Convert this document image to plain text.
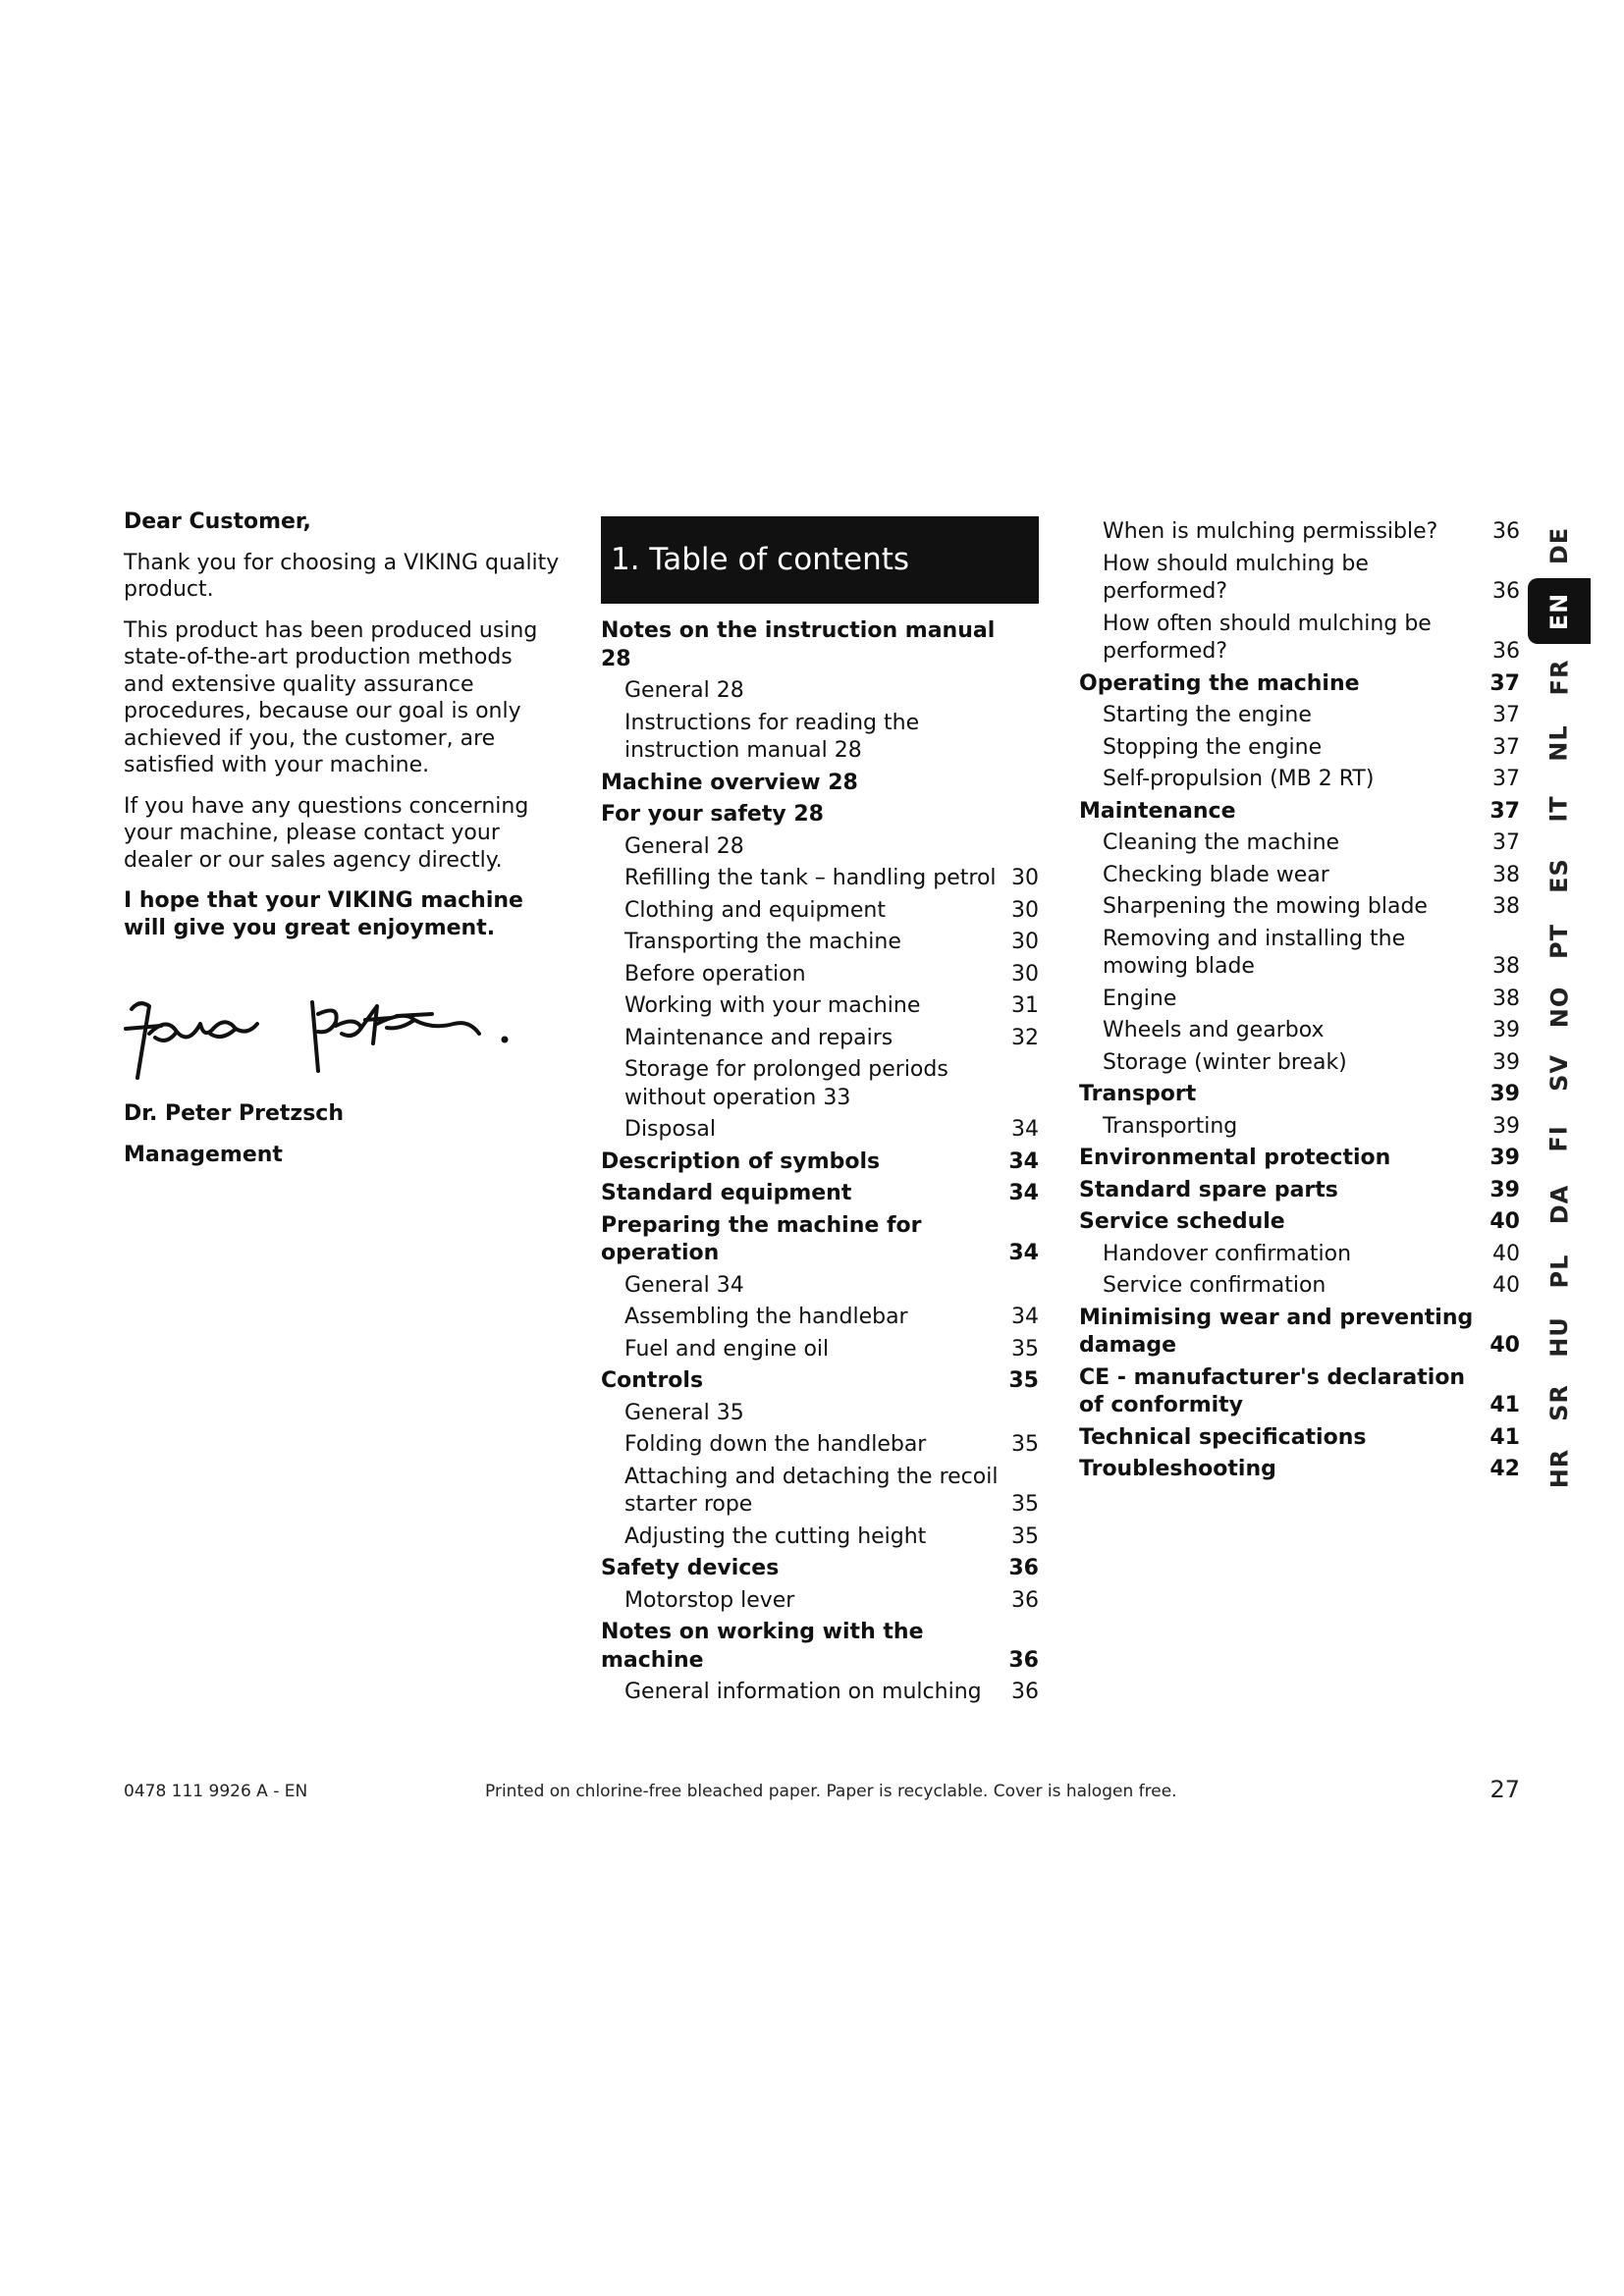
Dear Customer,

Thank you for choosing a VIKING quality product.

This product has been produced using state-of-the-art production methods and extensive quality assurance procedures, because our goal is only achieved if you, the customer, are satisfied with your machine.

If you have any questions concerning your machine, please contact your dealer or our sales agency directly.

I hope that your VIKING machine will give you great enjoyment.

Dr. Peter Pretzsch

Management

1. Table of contents
Notes on the instruction manual 28
General 28
Instructions for reading the instruction manual 28
Machine overview 28
For your safety 28
General 28
Refilling the tank – handling petrol 30
Clothing and equipment	30
Transporting the machine	30
Before operation	30
Working with your machine	31
Maintenance and repairs	32
Storage for prolonged periods without operation 33
Disposal	34
Description of symbols	34
Standard equipment	34
Preparing the machine for operation	34
General 34
Assembling the handlebar	34
Fuel and engine oil	35
Controls	35
General 35
Folding down the handlebar	35
Attaching and detaching the recoil starter rope	35
Adjusting the cutting height	35
Safety devices	36
Motorstop lever	36
Notes on working with the machine	36
General information on mulching	36
When is mulching permissible?	36
How should mulching be performed?	36
How often should mulching be performed?	36
Operating the machine	37
Starting the engine	37
Stopping the engine	37
Self-propulsion (MB 2 RT)	37
Maintenance	37
Cleaning the machine	37
Checking blade wear	38
Sharpening the mowing blade	38
Removing and installing the mowing blade	38
Engine	38
Wheels and gearbox	39
Storage (winter break)	39
Transport	39
Transporting	39
Environmental protection	39
Standard spare parts	39
Service schedule	40
Handover confirmation	40
Service confirmation	40
Minimising wear and preventing damage	40
CE - manufacturer's declaration of conformity	41
Technical specifications	41
Troubleshooting	42
DE
EN
FR
NL
IT
ES
PT
NO
SV
FI
DA
PL
HU
SR
HR
0478 111 9926 A - EN	Printed on chlorine-free bleached paper. Paper is recyclable. Cover is halogen free.	27
